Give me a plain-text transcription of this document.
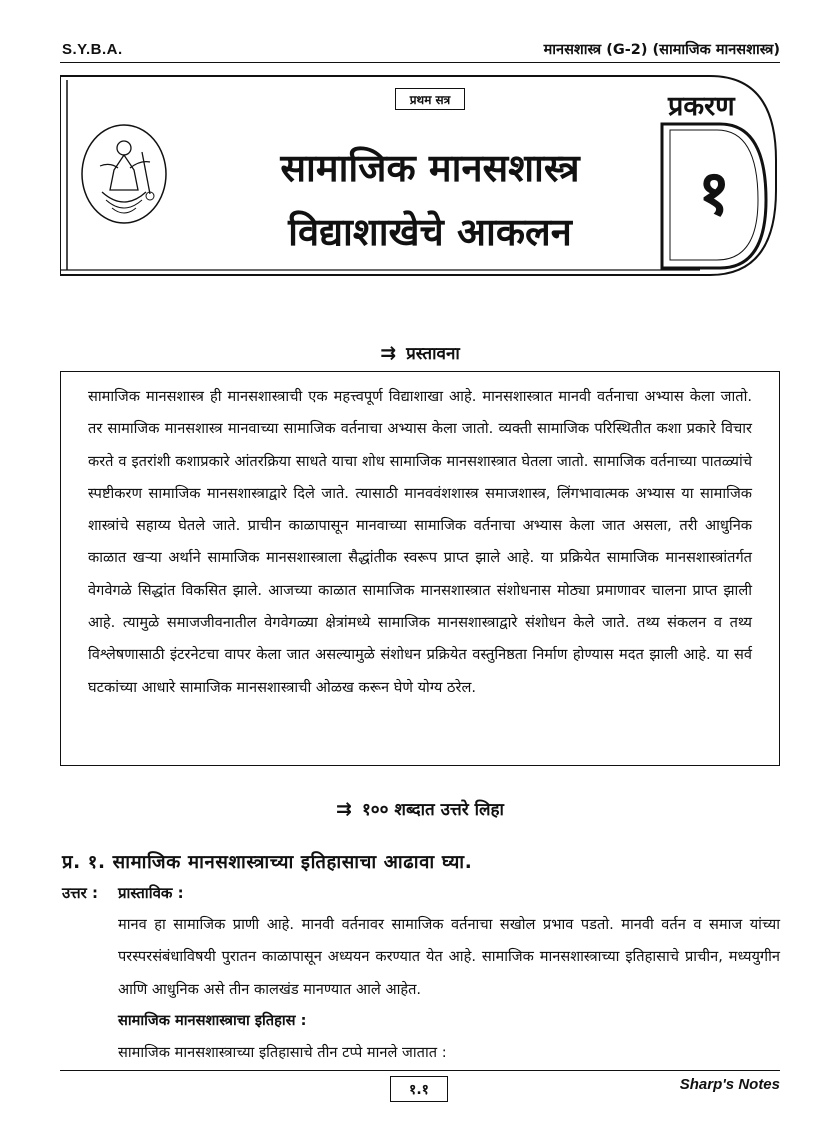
S.Y.B.A.	मानसशास्त्र (G-2) (सामाजिक मानसशास्त्र)
प्रथम सत्र	प्रकरण
१
सामाजिक मानसशास्त्र
विद्याशाखेचे आकलन
⇉ प्रस्तावना

सामाजिक मानसशास्त्र ही मानसशास्त्राची एक महत्त्वपूर्ण विद्याशाखा आहे. मानसशास्त्रात मानवी वर्तनाचा अभ्यास केला जातो. तर सामाजिक मानसशास्त्र मानवाच्या सामाजिक वर्तनाचा अभ्यास केला जातो. व्यक्ती सामाजिक परिस्थितीत कशा प्रकारे विचार करते व इतरांशी कशाप्रकारे आंतरक्रिया साधते याचा शोध सामाजिक मानसशास्त्रात घेतला जातो. सामाजिक वर्तनाच्या पातळ्यांचे स्पष्टीकरण सामाजिक मानसशास्त्राद्वारे दिले जाते. त्यासाठी मानववंशशास्त्र समाजशास्त्र, लिंगभावात्मक अभ्यास या सामाजिक शास्त्रांचे सहाय्य घेतले जाते. प्राचीन काळापासून मानवाच्या सामाजिक वर्तनाचा अभ्यास केला जात असला, तरी आधुनिक काळात खऱ्या अर्थाने सामाजिक मानसशास्त्राला सैद्धांतीक स्वरूप प्राप्त झाले आहे. या प्रक्रियेत सामाजिक मानसशास्त्रांतर्गत वेगवेगळे सिद्धांत विकसित झाले. आजच्या काळात सामाजिक मानसशास्त्रात संशोधनास मोठ्या प्रमाणावर चालना प्राप्त झाली आहे. त्यामुळे समाजजीवनातील वेगवेगळ्या क्षेत्रांमध्ये सामाजिक मानसशास्त्राद्वारे संशोधन केले जाते. तथ्य संकलन व तथ्य विश्लेषणासाठी इंटरनेटचा वापर केला जात असल्यामुळे संशोधन प्रक्रियेत वस्तुनिष्ठता निर्माण होण्यास मदत झाली आहे. या सर्व घटकांच्या आधारे सामाजिक मानसशास्त्राची ओळख करून घेणे योग्य ठरेल.

⇉ १०० शब्दात उत्तरे लिहा
प्र. १. सामाजिक मानसशास्त्राच्या इतिहासाचा आढावा घ्या.
उत्तर : प्रास्ताविक :
मानव हा सामाजिक प्राणी आहे. मानवी वर्तनावर सामाजिक वर्तनाचा सखोल प्रभाव पडतो. मानवी वर्तन व समाज यांच्या परस्परसंबंधाविषयी पुरातन काळापासून अध्ययन करण्यात येत आहे. सामाजिक मानसशास्त्राच्या इतिहासाचे प्राचीन, मध्ययुगीन आणि आधुनिक असे तीन कालखंड मानण्यात आले आहेत.
सामाजिक मानसशास्त्राचा इतिहास :
सामाजिक मानसशास्त्राच्या इतिहासाचे तीन टप्पे मानले जातात :
१.१	Sharp's Notes
